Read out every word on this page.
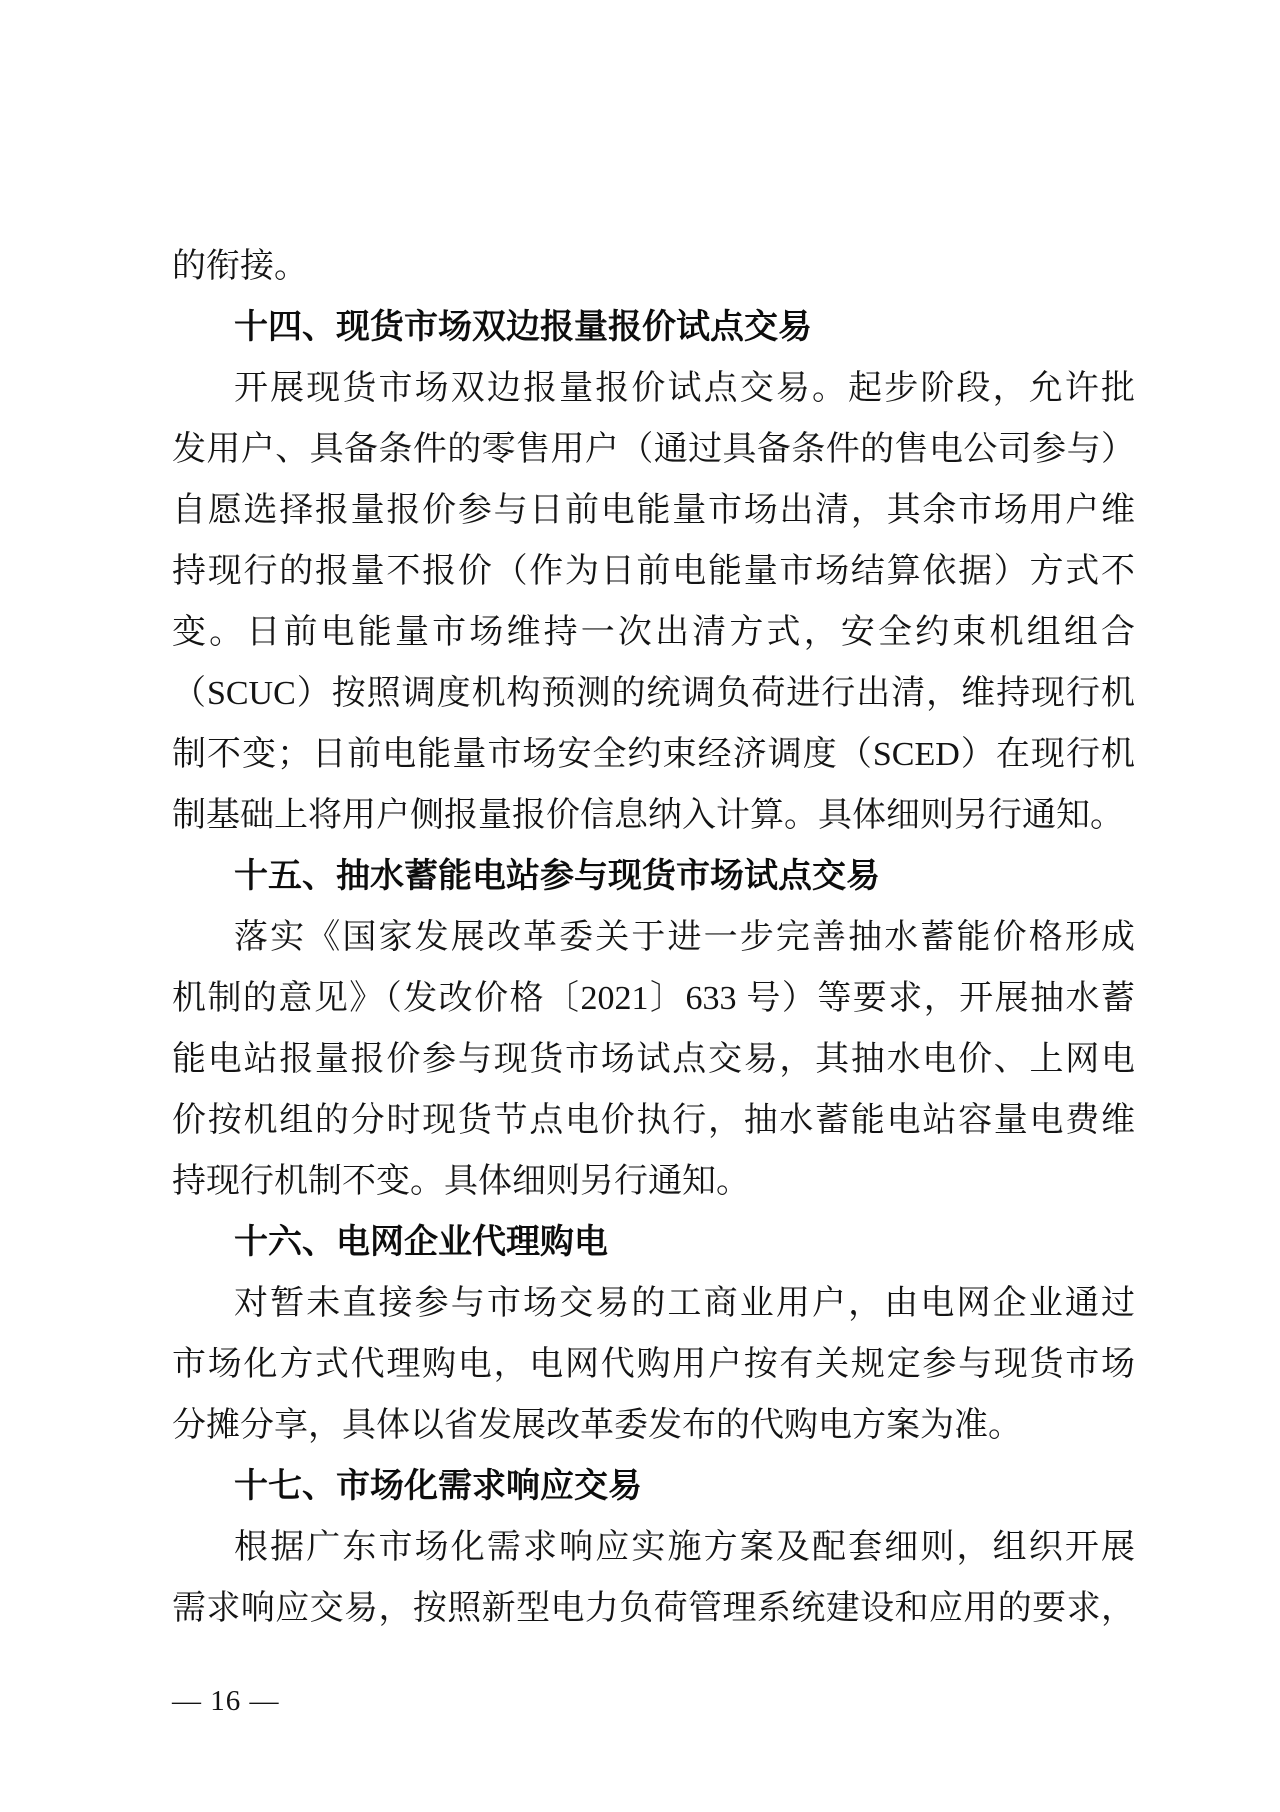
的衔接。
十四、现货市场双边报量报价试点交易
开展现货市场双边报量报价试点交易。起步阶段，允许批
发用户、具备条件的零售用户（通过具备条件的售电公司参与）
自愿选择报量报价参与日前电能量市场出清，其余市场用户维
持现行的报量不报价（作为日前电能量市场结算依据）方式不
变。日前电能量市场维持一次出清方式，安全约束机组组合
（SCUC）按照调度机构预测的统调负荷进行出清，维持现行机
制不变；日前电能量市场安全约束经济调度（SCED）在现行机
制基础上将用户侧报量报价信息纳入计算。具体细则另行通知。
十五、抽水蓄能电站参与现货市场试点交易
落实《国家发展改革委关于进一步完善抽水蓄能价格形成
机制的意见》（发改价格〔2021〕633 号）等要求，开展抽水蓄
能电站报量报价参与现货市场试点交易，其抽水电价、上网电
价按机组的分时现货节点电价执行，抽水蓄能电站容量电费维
持现行机制不变。具体细则另行通知。
十六、电网企业代理购电
对暂未直接参与市场交易的工商业用户，由电网企业通过
市场化方式代理购电，电网代购用户按有关规定参与现货市场
分摊分享，具体以省发展改革委发布的代购电方案为准。
十七、市场化需求响应交易
根据广东市场化需求响应实施方案及配套细则，组织开展
需求响应交易，按照新型电力负荷管理系统建设和应用的要求，
— 16 —
